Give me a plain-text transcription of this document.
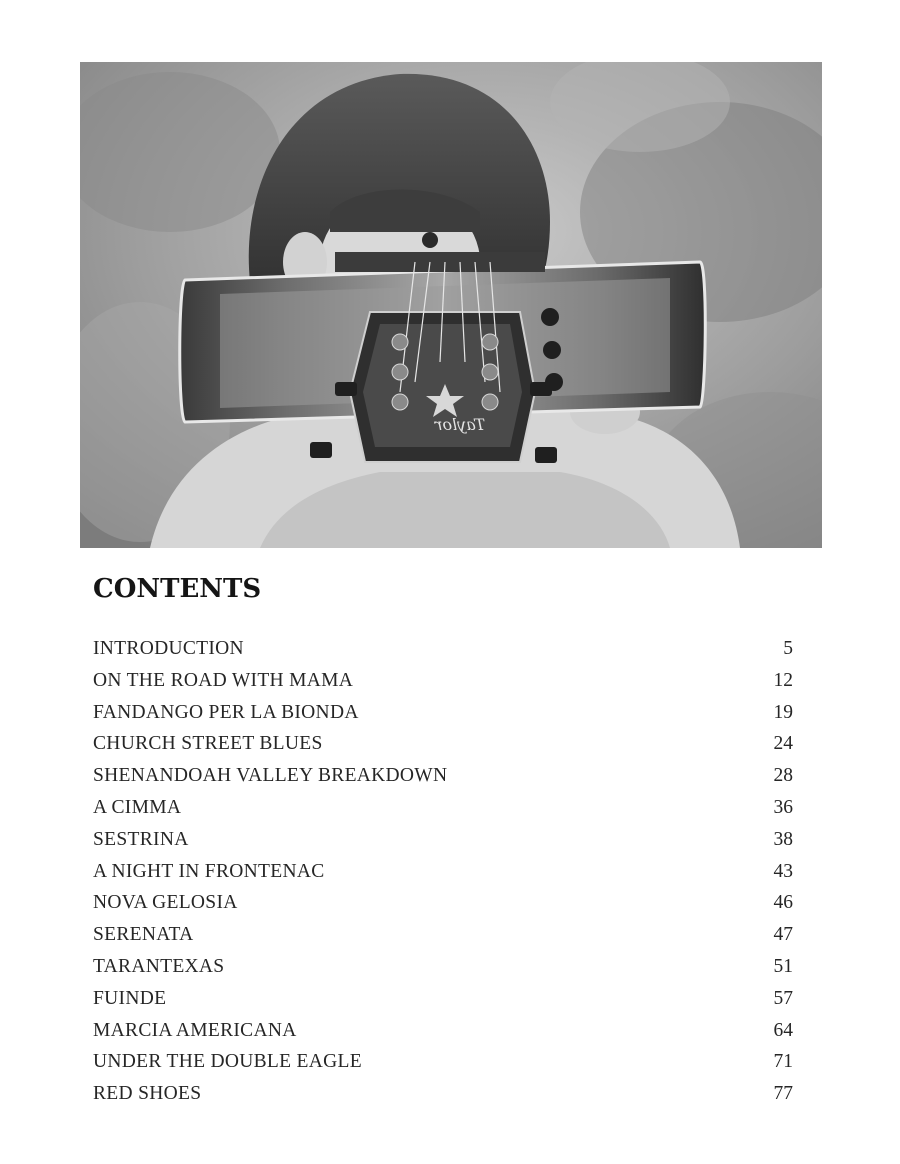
Taylor
CONTENTS
INTRODUCTION	5
ON THE ROAD WITH MAMA	12
FANDANGO PER LA BIONDA	19
CHURCH STREET BLUES	24
SHENANDOAH VALLEY BREAKDOWN	28
A CIMMA	36
SESTRINA	38
A NIGHT IN FRONTENAC	43
NOVA GELOSIA	46
SERENATA	47
TARANTEXAS	51
FUINDE	57
MARCIA AMERICANA	64
UNDER THE DOUBLE EAGLE	71
RED SHOES	77
